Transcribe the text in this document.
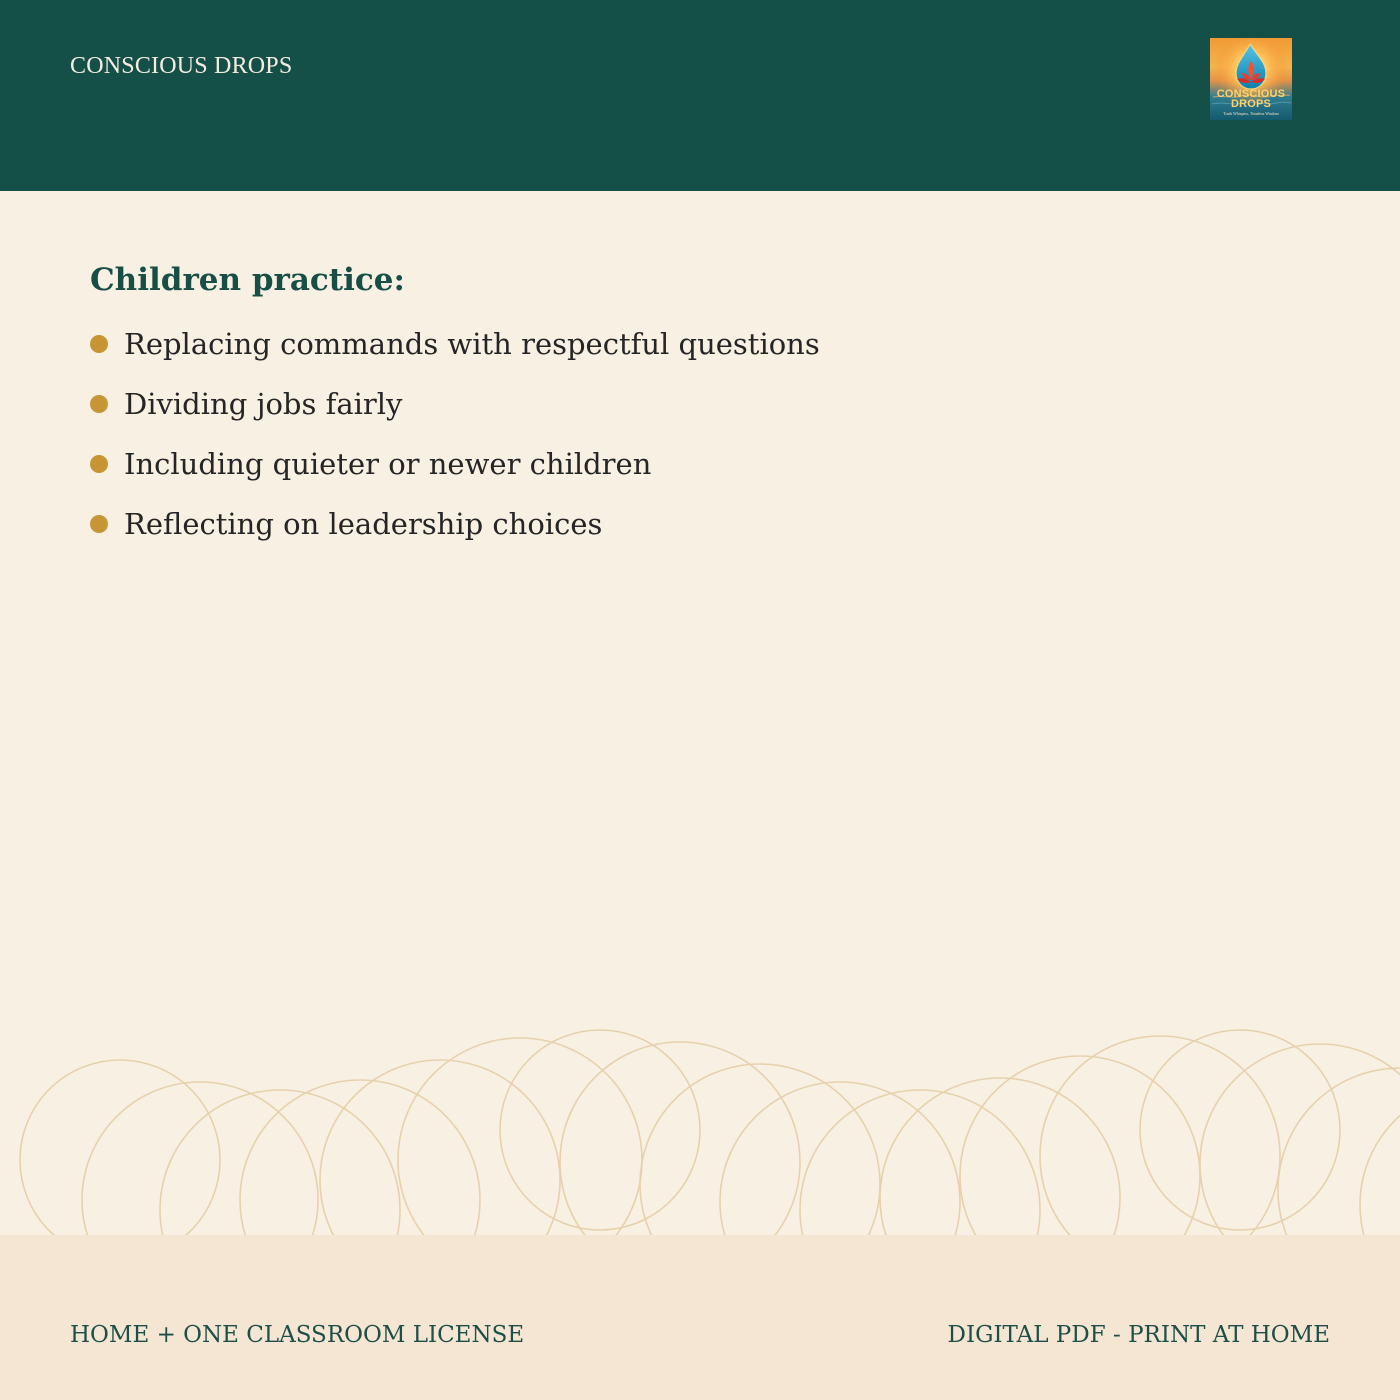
CONSCIOUS DROPS
CONSCIOUS
DROPS
Truth Whispers, Timeless Wisdom
Children practice:
Replacing commands with respectful questions
Dividing jobs fairly
Including quieter or newer children
Reflecting on leadership choices
HOME + ONE CLASSROOM LICENSE	DIGITAL PDF - PRINT AT HOME
